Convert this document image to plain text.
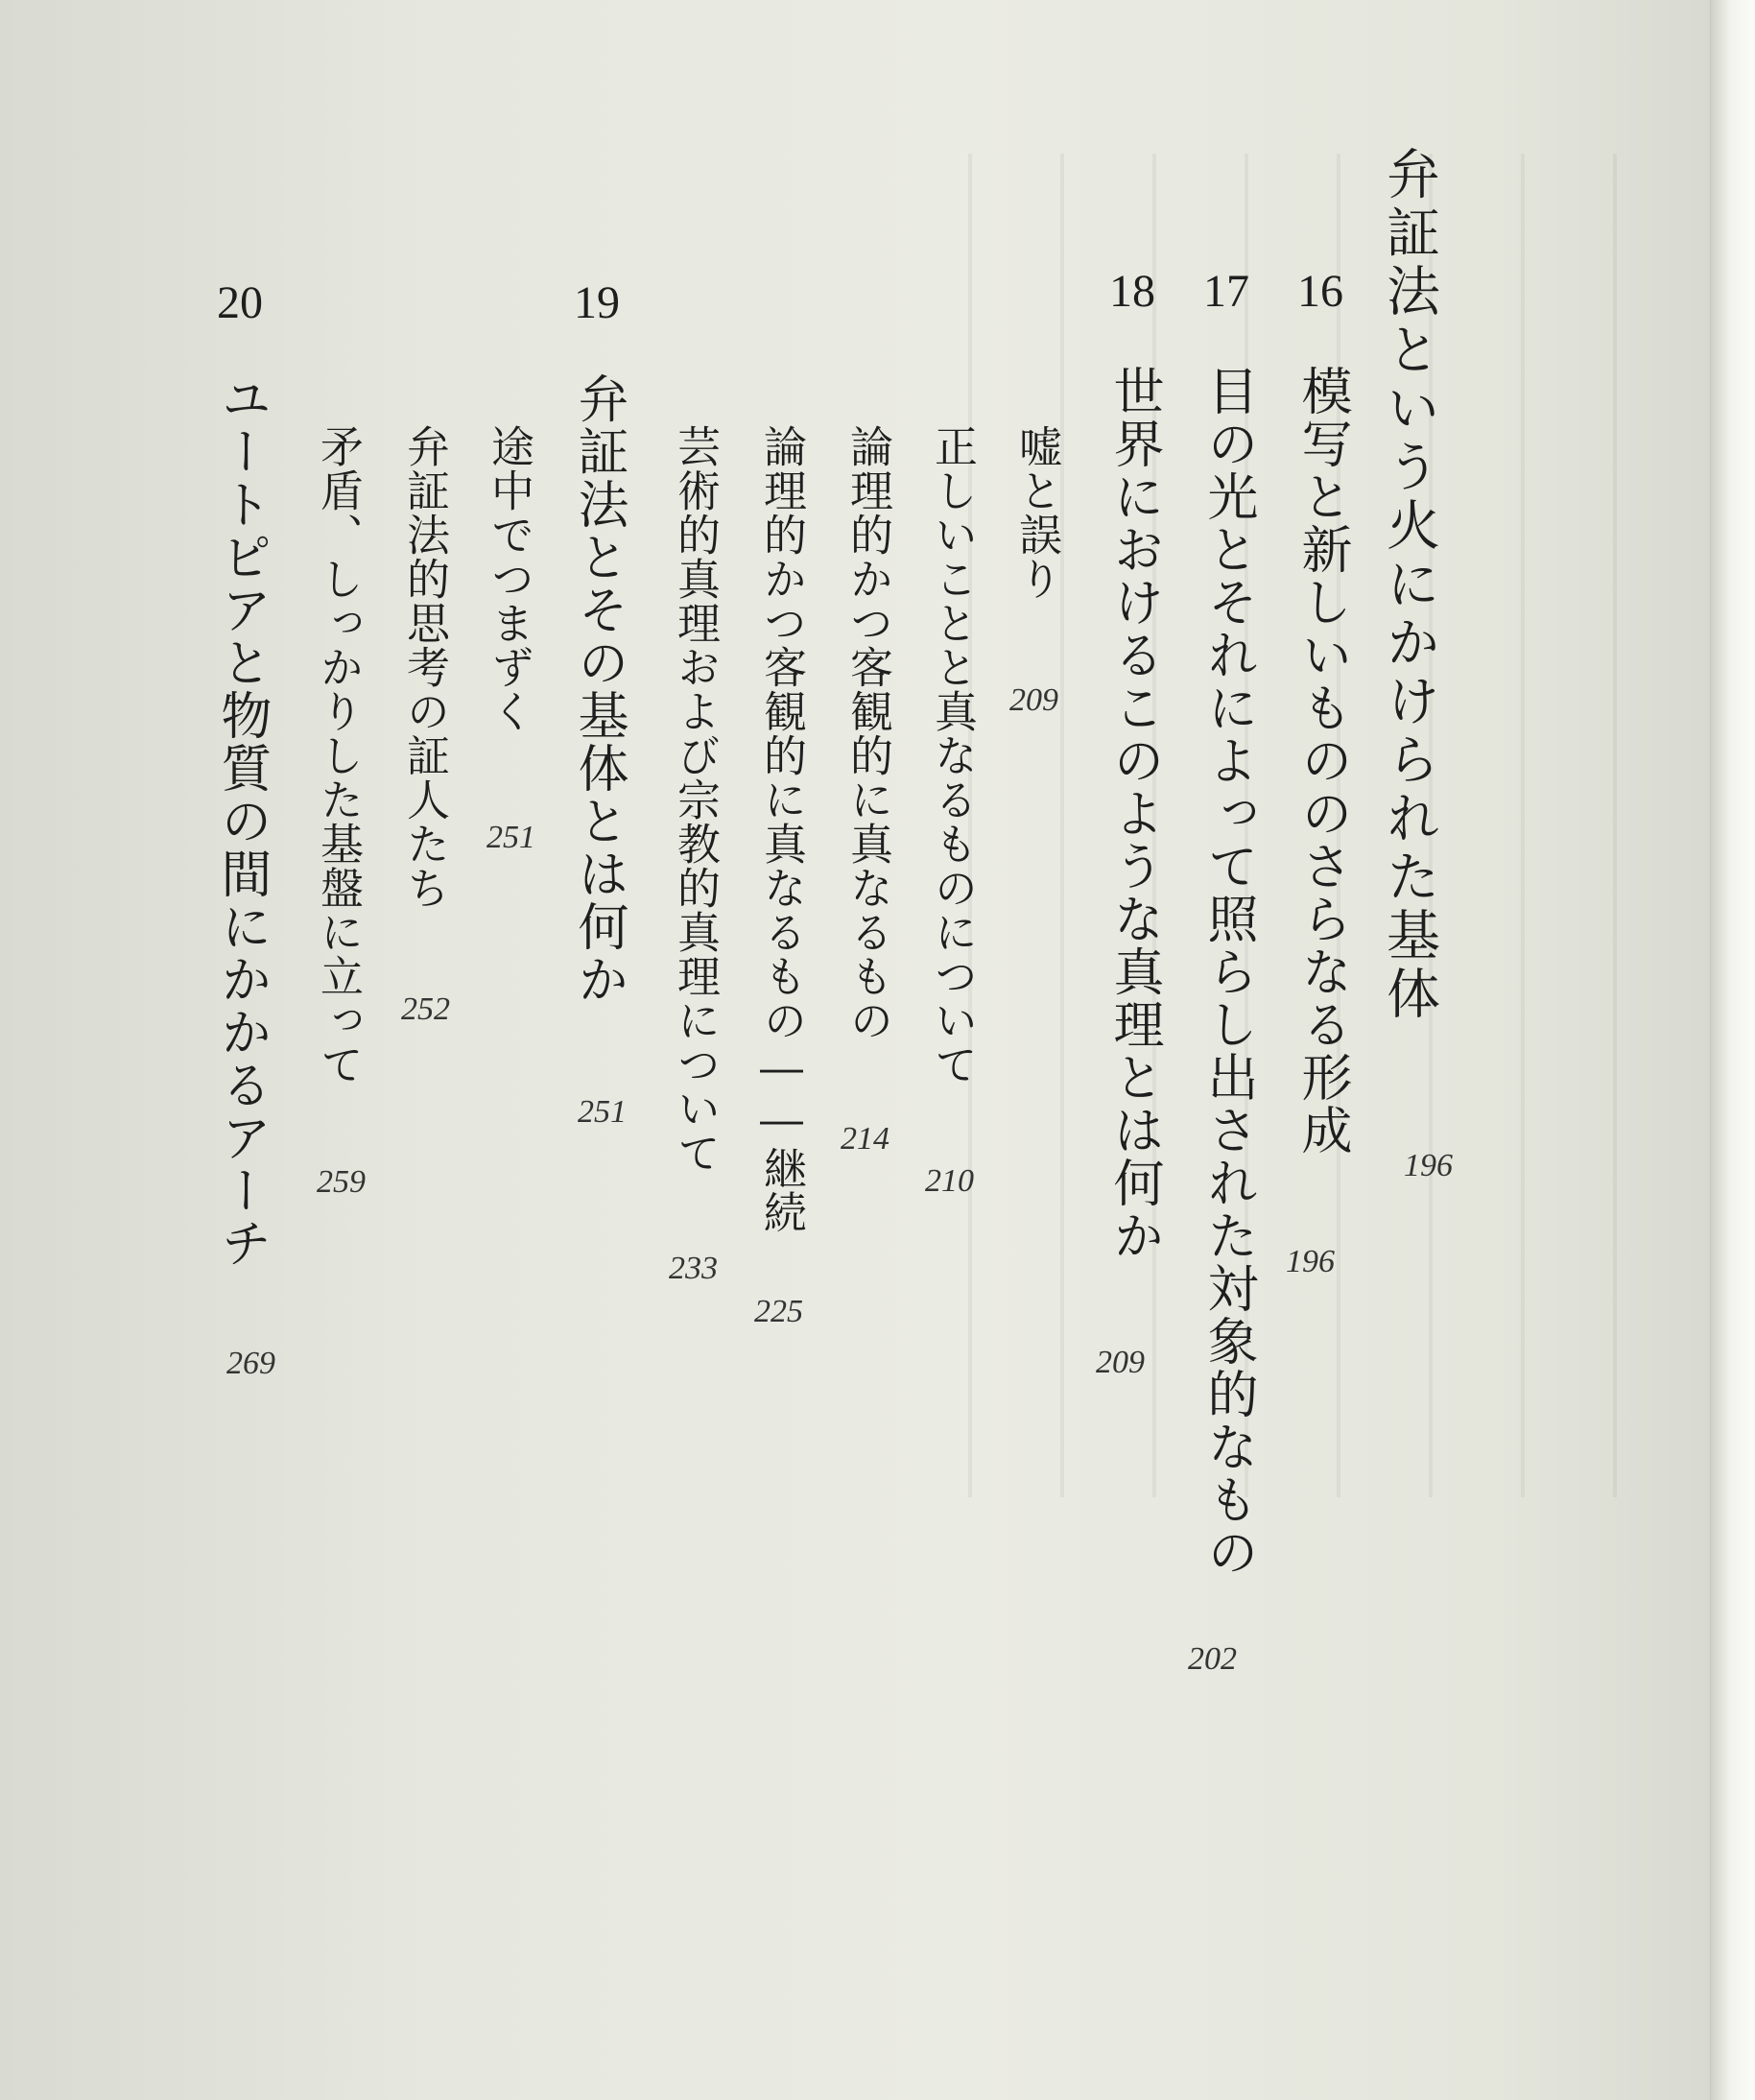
弁証法という火にかけられた基体
196
16
模写と新しいもののさらなる形成
196
17
目の光とそれによって照らし出された対象的なもの
202
18
世界におけるこのような真理とは何か
209
嘘と誤り
209
正しいことと真なるものについて
210
論理的かつ客観的に真なるもの
214
論理的かつ客観的に真なるもの――継続
225
芸術的真理および宗教的真理について
233
19
弁証法とその基体とは何か
251
途中でつまずく
251
弁証法的思考の証人たち
252
矛盾、しっかりした基盤に立って
259
20
ユートピアと物質の間にかかるアーチ
269
